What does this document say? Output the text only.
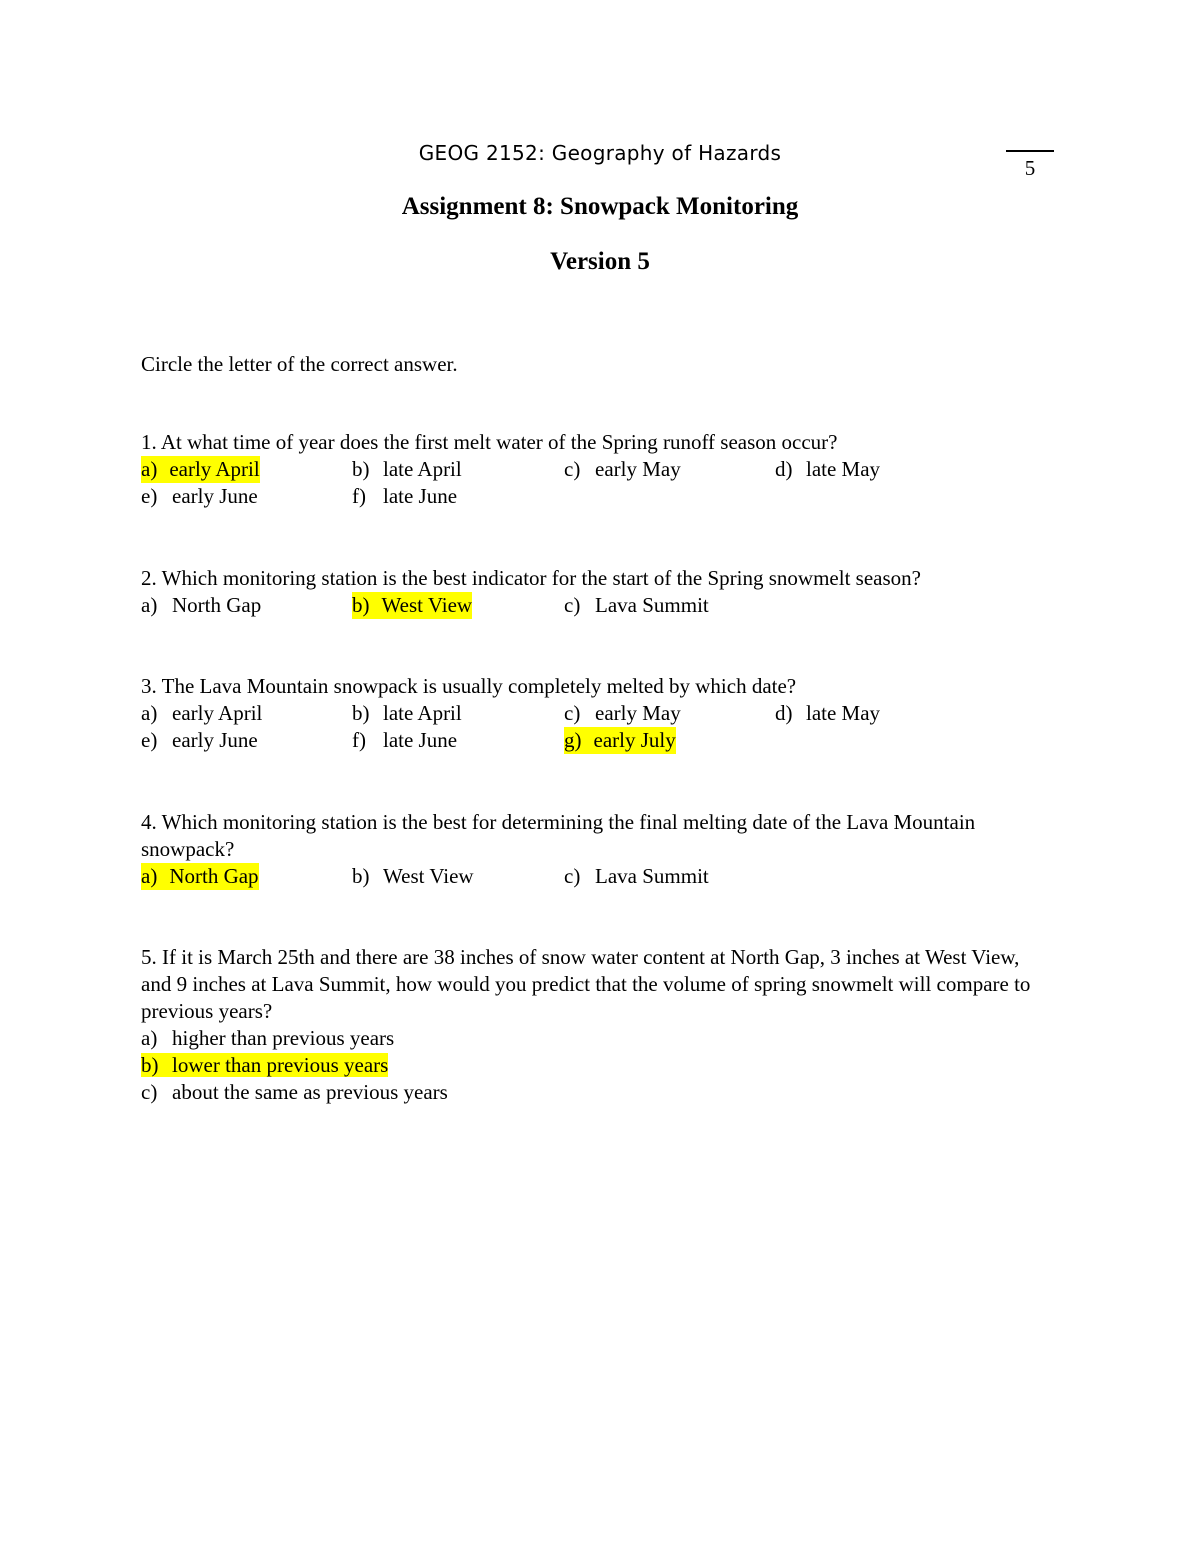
GEOG 2152: Geography of Hazards
5
Assignment 8: Snowpack Monitoring
Version 5
Circle the letter of the correct answer.
1. At what time of year does the first melt water of the Spring runoff season occur?
a) early April	b) late April	c) early May	d) late May
e) early June	f) late June
2. Which monitoring station is the best indicator for the start of the Spring snowmelt season?
a) North Gap	b) West View	c) Lava Summit
3. The Lava Mountain snowpack is usually completely melted by which date?
a) early April	b) late April	c) early May	d) late May
e) early June	f) late June	g) early July
4. Which monitoring station is the best for determining the final melting date of the Lava Mountain snowpack?
a) North Gap	b) West View	c) Lava Summit
5. If it is March 25th and there are 38 inches of snow water content at North Gap, 3 inches at West View, and 9 inches at Lava Summit, how would you predict that the volume of spring snowmelt will compare to previous years?
a) higher than previous years
b) lower than previous years
c) about the same as previous years
